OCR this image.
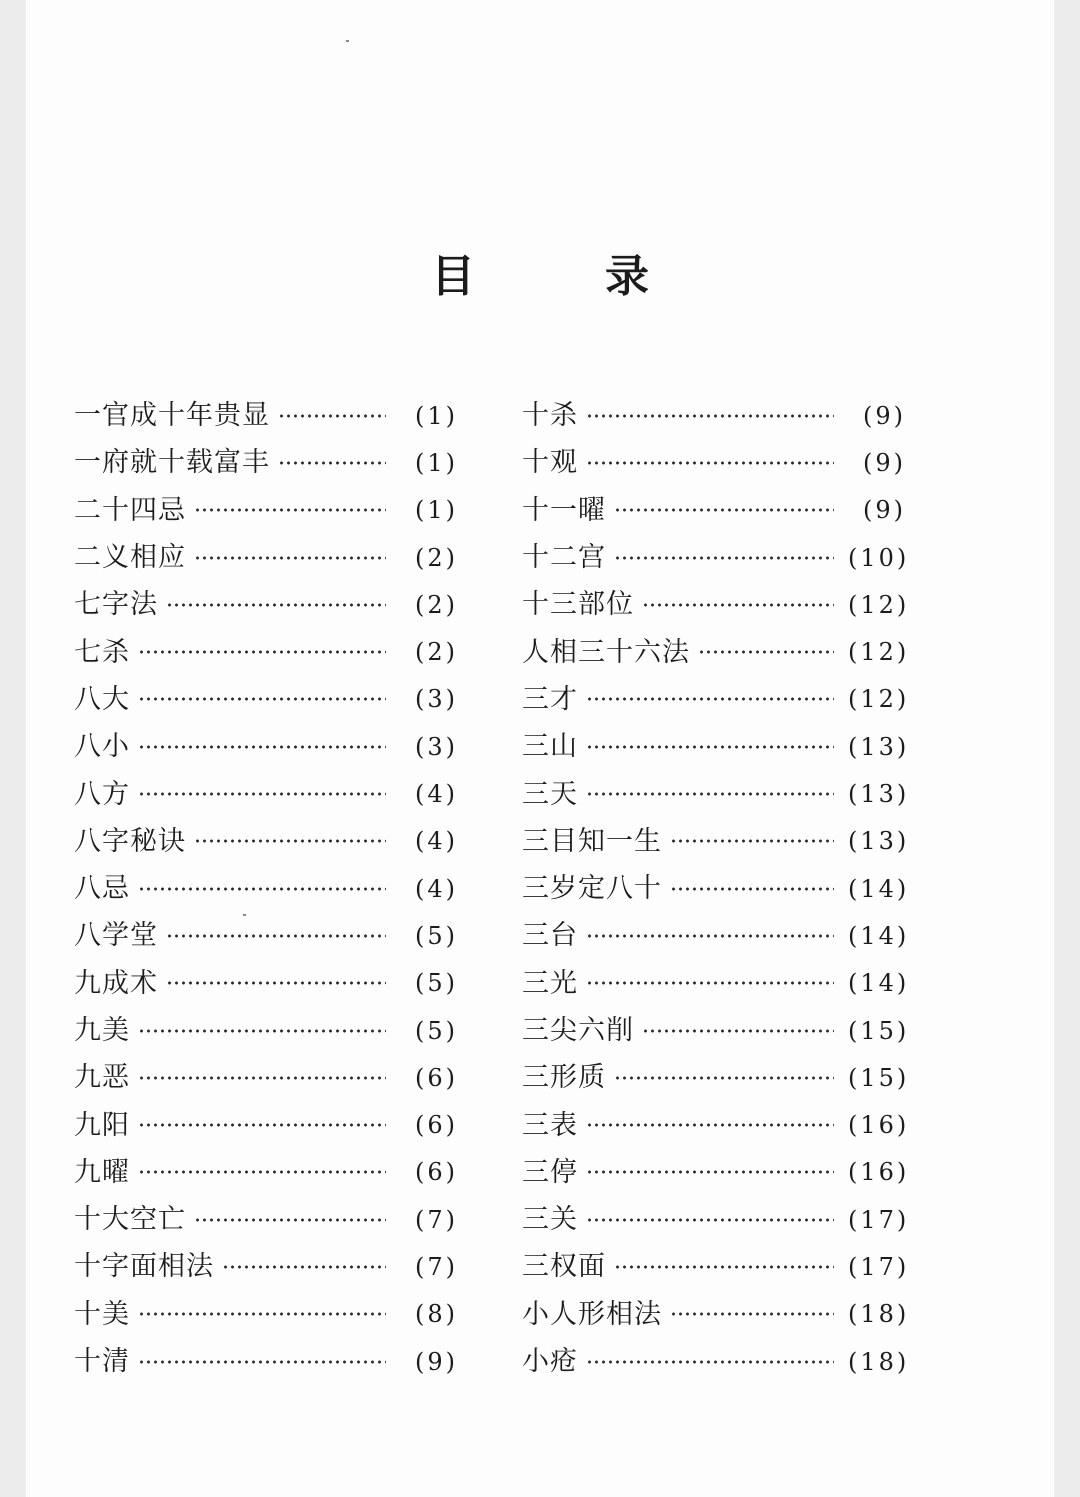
目	录
一官成十年贵显	(1)
一府就十载富丰	(1)
二十四忌	(1)
二义相应	(2)
七字法	(2)
七杀	(2)
八大	(3)
八小	(3)
八方	(4)
八字秘诀	(4)
八忌	(4)
八学堂	(5)
九成术	(5)
九美	(5)
九恶	(6)
九阳	(6)
九曜	(6)
十大空亡	(7)
十字面相法	(7)
十美	(8)
十清	(9)
十杀	(9)
十观	(9)
十一曜	(9)
十二宫	(10)
十三部位	(12)
人相三十六法	(12)
三才	(12)
三山	(13)
三天	(13)
三目知一生	(13)
三岁定八十	(14)
三台	(14)
三光	(14)
三尖六削	(15)
三形质	(15)
三表	(16)
三停	(16)
三关	(17)
三权面	(17)
小人形相法	(18)
小疮	(18)
